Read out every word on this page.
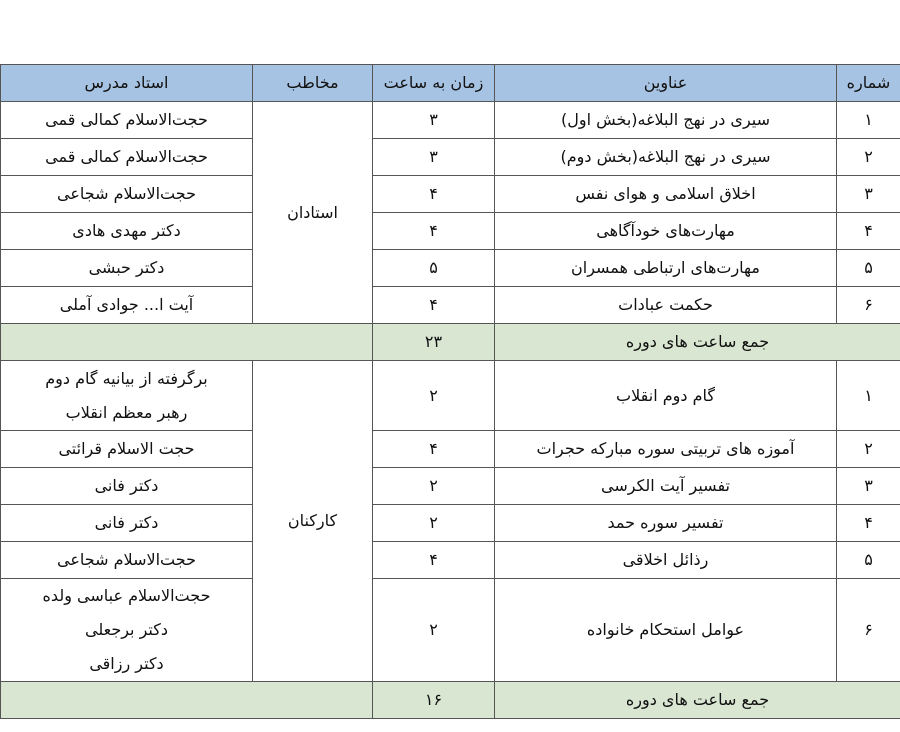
شماره	عناوین	زمان به ساعت	مخاطب	استاد مدرس
۱	سیری در نهج البلاغه(بخش اول)	۳	استادان	حجت‌الاسلام کمالی قمی
۲	سیری در نهج البلاغه(بخش دوم)	۳		حجت‌الاسلام کمالی قمی
۳	اخلاق اسلامی و هوای نفس	۴		حجت‌الاسلام شجاعی
۴	مهارت‌های خودآگاهی	۴		دکتر مهدی هادی
۵	مهارت‌های ارتباطی همسران	۵		دکتر حبشی
۶	حکمت عبادات	۴		آیت ا... جوادی آملی
جمع ساعت های دوره		۲۳		
۱	گام دوم انقلاب	۲	کارکنان	برگرفته از بیانیه گام دوم
رهبر معظم انقلاب

۲	آموزه های تربیتی سوره مبارکه حجرات	۴		حجت الاسلام قرائتی
۳	تفسیر آیت الکرسی	۲		دکتر فانی
۴	تفسیر سوره حمد	۲		دکتر فانی
۵	رذائل اخلاقی	۴		حجت‌الاسلام شجاعی
۶	عوامل استحکام خانواده	۲		حجت‌الاسلام عباسی ولده
دکتر برجعلی
دکتر رزاقی

جمع ساعت های دوره		۱۶		
